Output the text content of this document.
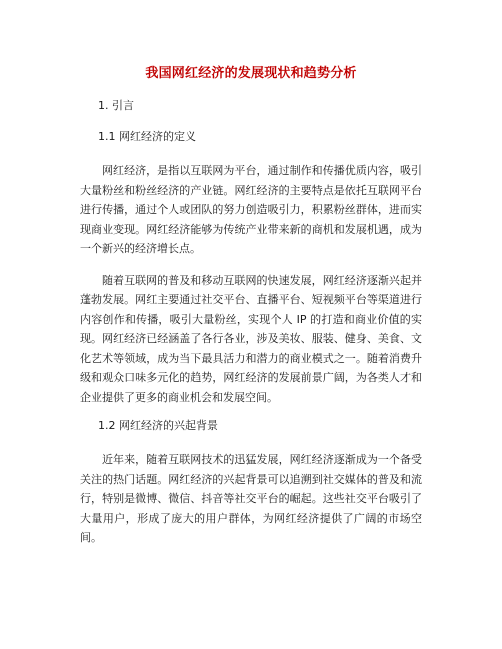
我国网红经济的发展现状和趋势分析
1. 引言
1.1 网红经济的定义

网红经济，是指以互联网为平台，通过制作和传播优质内容，吸引大量粉丝和粉丝经济的产业链。网红经济的主要特点是依托互联网平台进行传播，通过个人或团队的努力创造吸引力，积累粉丝群体，进而实现商业变现。网红经济能够为传统产业带来新的商机和发展机遇，成为一个新兴的经济增长点。

随着互联网的普及和移动互联网的快速发展，网红经济逐渐兴起并蓬勃发展。网红主要通过社交平台、直播平台、短视频平台等渠道进行内容创作和传播，吸引大量粉丝，实现个人 IP 的打造和商业价值的实现。网红经济已经涵盖了各行各业，涉及美妆、服装、健身、美食、文化艺术等领域，成为当下最具活力和潜力的商业模式之一。随着消费升级和观众口味多元化的趋势，网红经济的发展前景广阔，为各类人才和企业提供了更多的商业机会和发展空间。

1.2 网红经济的兴起背景

近年来，随着互联网技术的迅猛发展，网红经济逐渐成为一个备受关注的热门话题。网红经济的兴起背景可以追溯到社交媒体的普及和流行，特别是微博、微信、抖音等社交平台的崛起。这些社交平台吸引了大量用户，形成了庞大的用户群体，为网红经济提供了广阔的市场空间。
